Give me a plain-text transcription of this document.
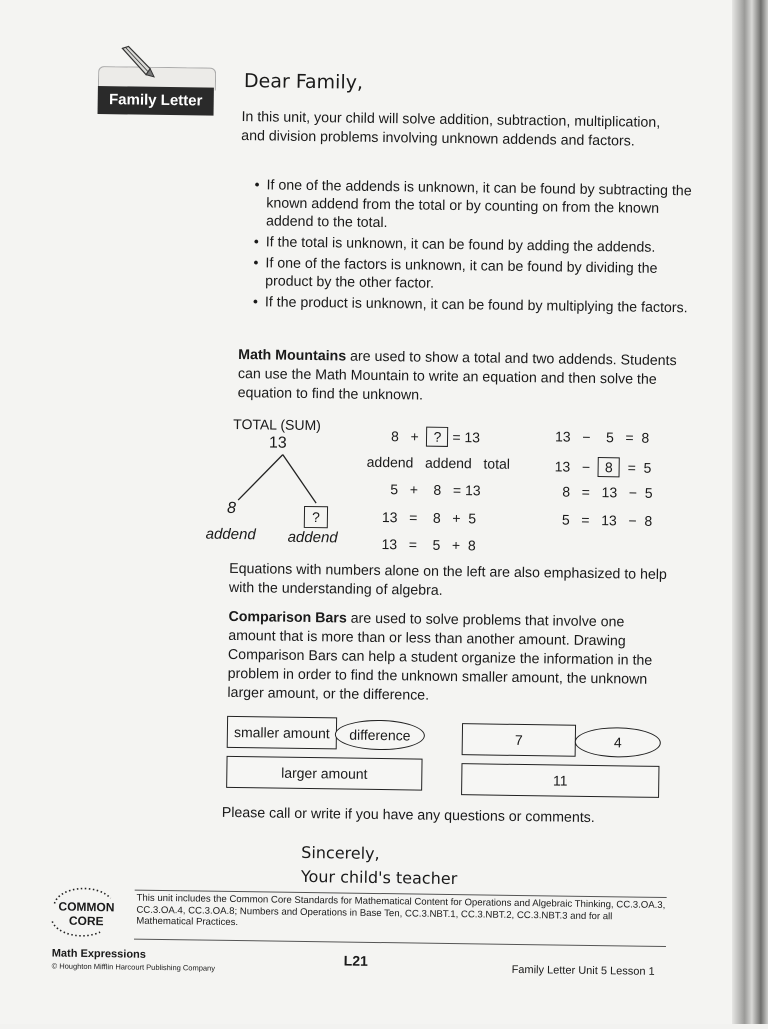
Family Letter
Dear Family,
In this unit, your child will solve addition, subtraction, multiplication, and division problems involving unknown addends and factors.
• If one of the addends is unknown, it can be found by subtracting the known addend from the total or by counting on from the known addend to the total.
• If the total is unknown, it can be found by adding the addends.
• If one of the factors is unknown, it can be found by dividing the product by the other factor.
• If the product is unknown, it can be found by multiplying the factors.
Math Mountains are used to show a total and two addends. Students can use the Math Mountain to write an equation and then solve the equation to find the unknown.
TOTAL (SUM)
13
8
?
addend addend
8 + ? = 13
addend   addend   total
5   +    8   = 13
13   =    8   +  5
13   =    5   +  8
13   −    5   =  8
13 − 8 =  5
8   =   13   −  5
5   =   13   −  8
Equations with numbers alone on the left are also emphasized to help with the understanding of algebra.
Comparison Bars are used to solve problems that involve one amount that is more than or less than another amount. Drawing Comparison Bars can help a student organize the information in the problem in order to find the unknown smaller amount, the unknown larger amount, or the difference.
smaller amount	difference
larger amount
7	4
11
Please call or write if you have any questions or comments.
Sincerely,
Your child's teacher
COMMON
CORE
This unit includes the Common Core Standards for Mathematical Content for Operations and Algebraic Thinking, CC.3.OA.3, CC.3.OA.4, CC.3.OA.8; Numbers and Operations in Base Ten, CC.3.NBT.1, CC.3.NBT.2, CC.3.NBT.3 and for all Mathematical Practices.
Math Expressions
© Houghton Mifflin Harcourt Publishing Company	L21
Family Letter Unit 5 Lesson 1
